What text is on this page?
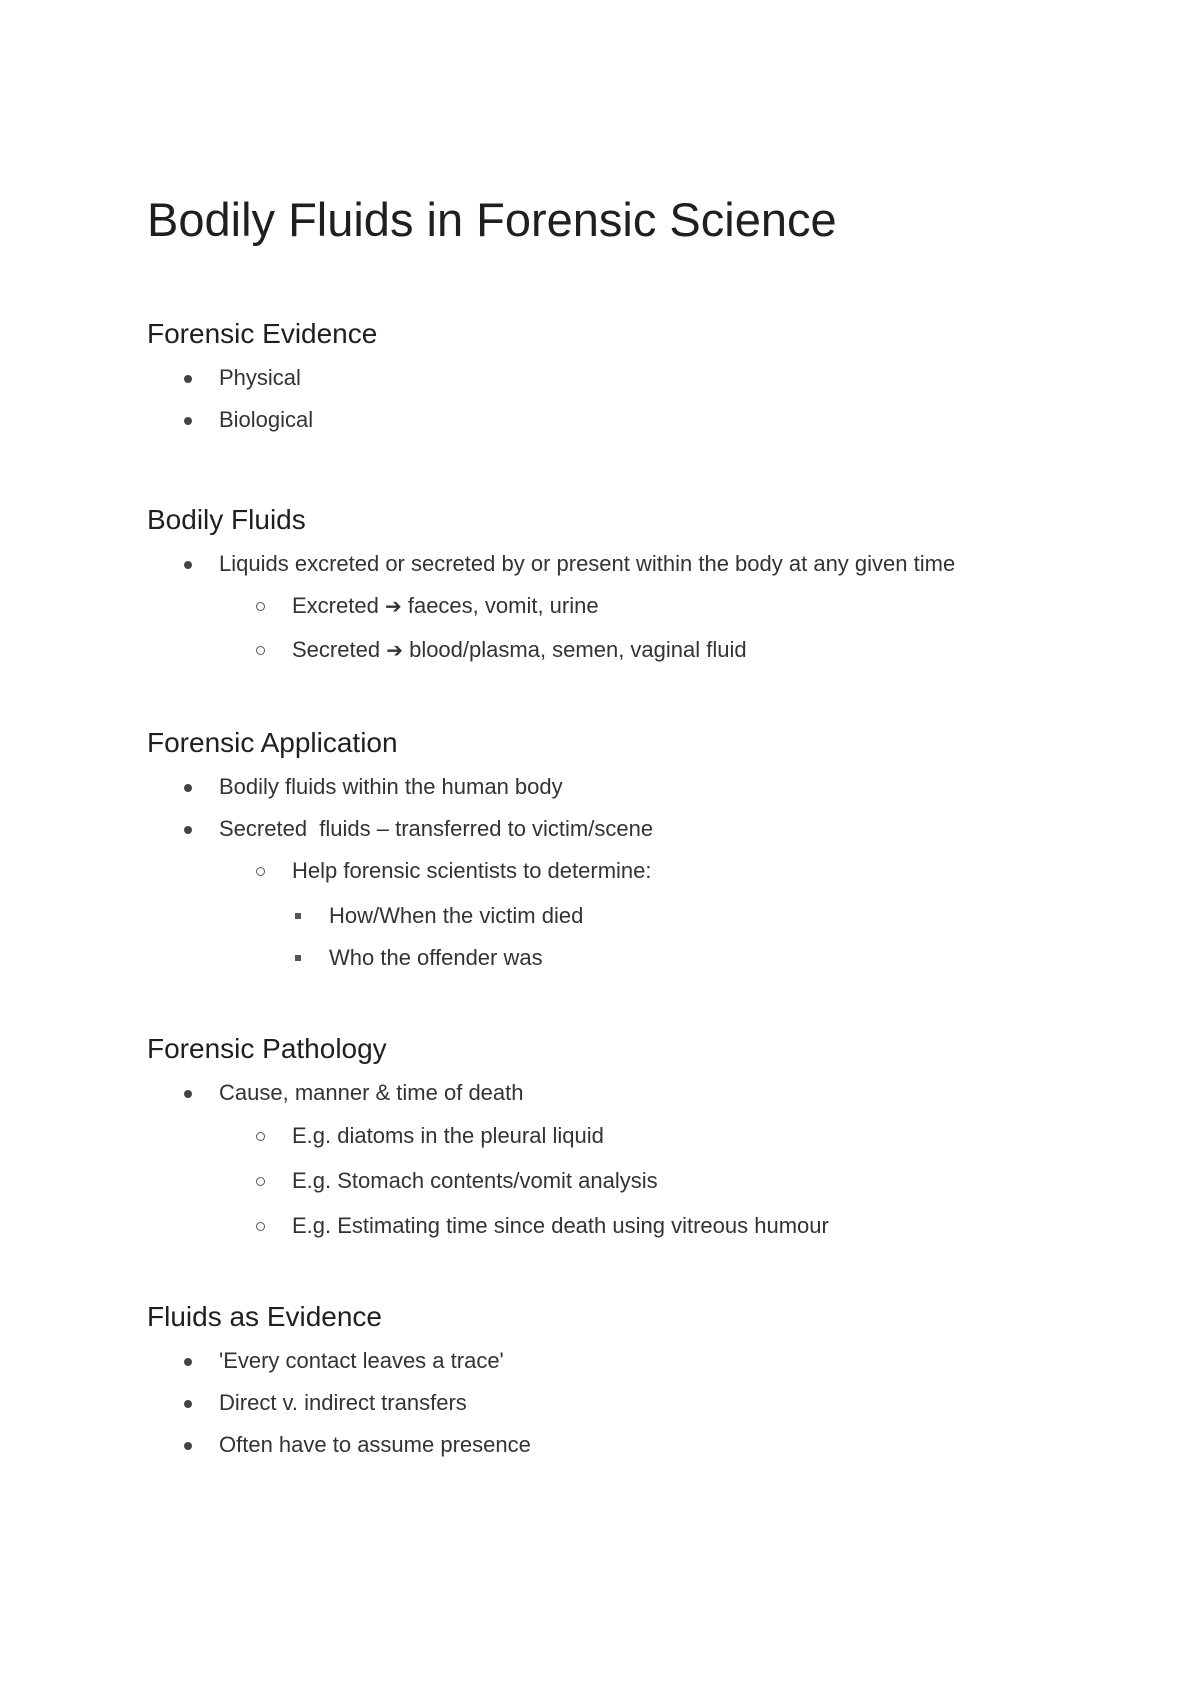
Bodily Fluids in Forensic Science
Forensic Evidence
Physical
Biological
Bodily Fluids
Liquids excreted or secreted by or present within the body at any given time
Excreted ➔ faeces, vomit, urine
Secreted ➔ blood/plasma, semen, vaginal fluid
Forensic Application
Bodily fluids within the human body
Secreted  fluids – transferred to victim/scene
Help forensic scientists to determine:
How/When the victim died
Who the offender was
Forensic Pathology
Cause, manner & time of death
E.g. diatoms in the pleural liquid
E.g. Stomach contents/vomit analysis
E.g. Estimating time since death using vitreous humour
Fluids as Evidence
'Every contact leaves a trace'
Direct v. indirect transfers
Often have to assume presence
